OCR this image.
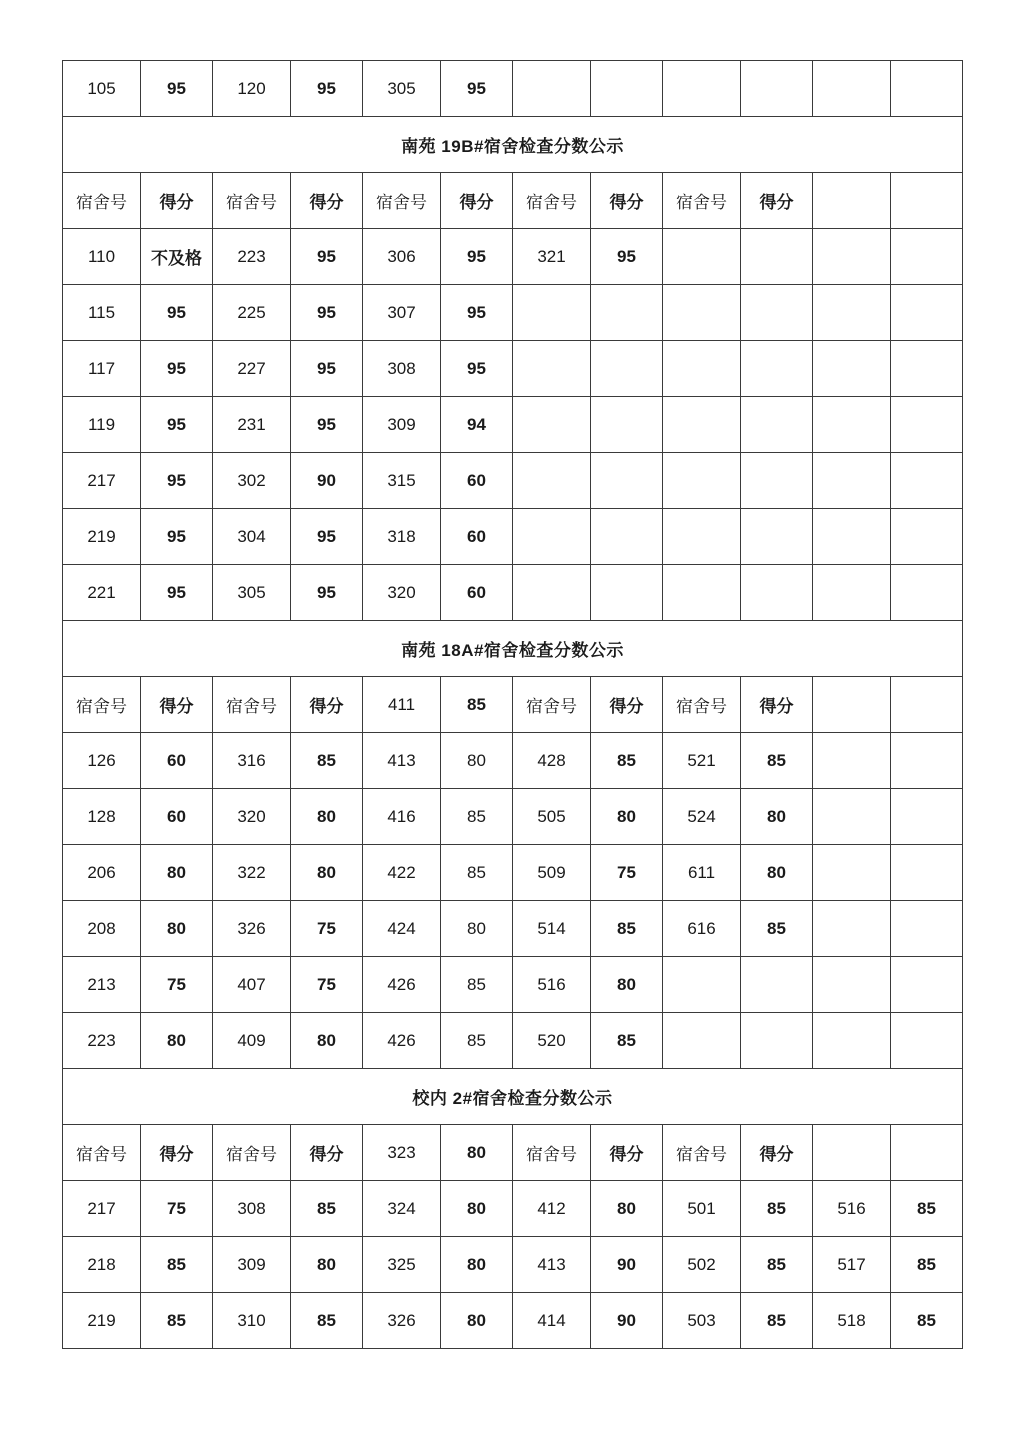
105	95	120	95	305	95						
南苑 19B#宿舍检查分数公示											
宿舍号	得分	宿舍号	得分	宿舍号	得分	宿舍号	得分	宿舍号	得分		
110	不及格	223	95	306	95	321	95				
115	95	225	95	307	95						
117	95	227	95	308	95						
119	95	231	95	309	94						
217	95	302	90	315	60						
219	95	304	95	318	60						
221	95	305	95	320	60						
南苑 18A#宿舍检查分数公示											
宿舍号	得分	宿舍号	得分	411	85	宿舍号	得分	宿舍号	得分		
126	60	316	85	413	80	428	85	521	85		
128	60	320	80	416	85	505	80	524	80		
206	80	322	80	422	85	509	75	611	80		
208	80	326	75	424	80	514	85	616	85		
213	75	407	75	426	85	516	80				
223	80	409	80	426	85	520	85				
校内 2#宿舍检查分数公示											
宿舍号	得分	宿舍号	得分	323	80	宿舍号	得分	宿舍号	得分		
217	75	308	85	324	80	412	80	501	85	516	85
218	85	309	80	325	80	413	90	502	85	517	85
219	85	310	85	326	80	414	90	503	85	518	85
